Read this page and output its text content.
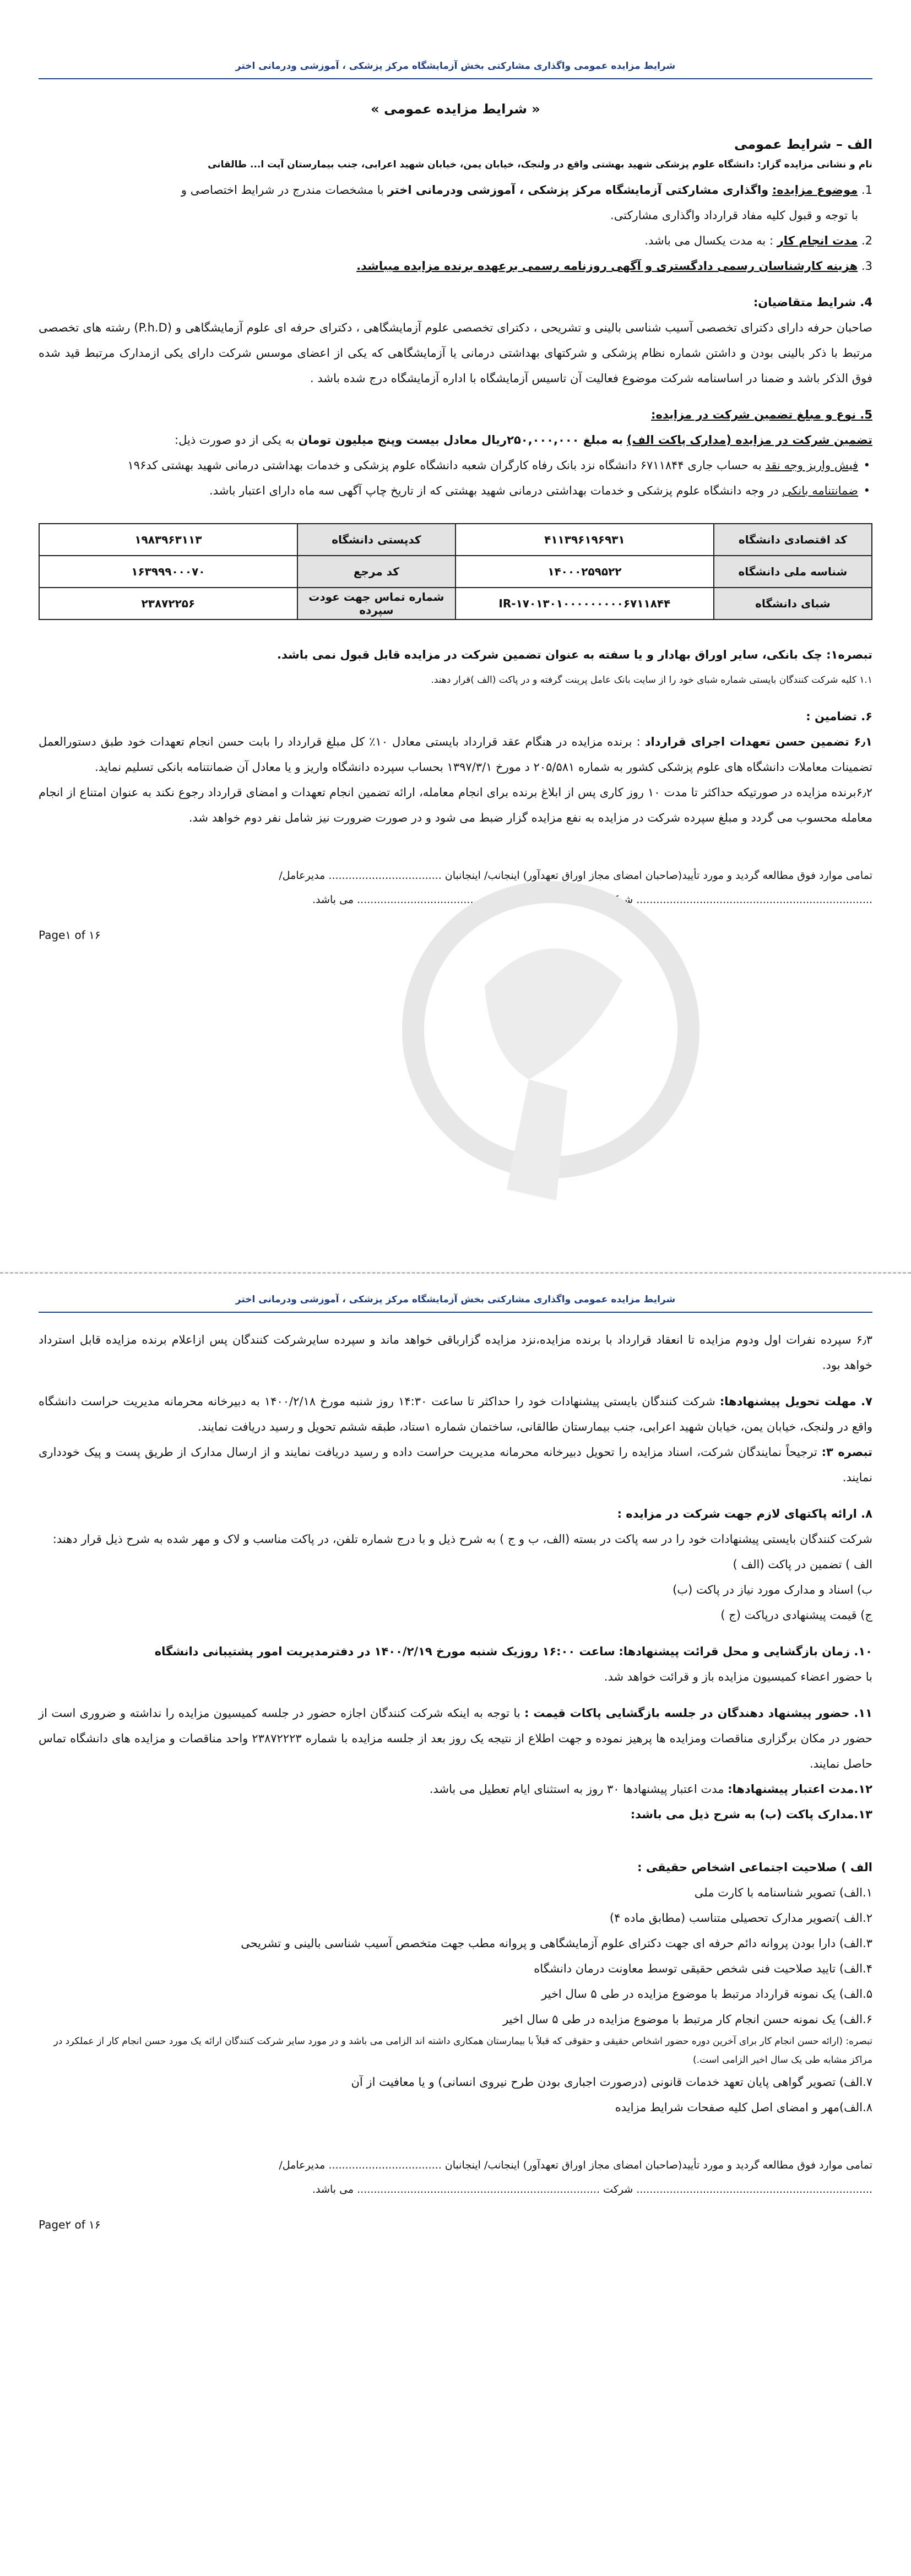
شرایط مزایده عمومی واگذاری مشارکتی بخش آزمایشگاه مرکز پزشکی ، آموزشی ودرمانی اختر
« شرایط مزایده عمومی »
الف – شرایط عمومی

نام و نشانی مزایده گزار: دانشگاه علوم پزشکی شهید بهشتی واقع در ولنجک، خیابان یمن، خیابان شهید اعرابی، جنب بیمارستان آیت ا... طالقانی

1. موضوع مزایده: واگذاری مشارکتی آزمایشگاه مرکز پزشکی ، آموزشی ودرمانی اختر با مشخصات مندرج در شرایط اختصاصی و

با توجه و قبول کلیه مفاد قرارداد واگذاری مشارکتی.

2. مدت انجام کار : به مدت یکسال می باشد.

3. هزینه کارشناسان رسمی دادگستری و آگهی روزنامه رسمی برعهده برنده مزایده میباشد.

4. شرایط متقاضیان:

صاحبان حرفه دارای دکترای تخصصی آسیب شناسی بالینی و تشریحی ، دکترای تخصصی علوم آزمایشگاهی ، دکترای حرفه ای علوم آزمایشگاهی و (P.h.D) رشته های تخصصی مرتبط با ذکر بالینی بودن و داشتن شماره نظام پزشکی و شرکتهای بهداشتی درمانی یا آزمایشگاهی که یکی از اعضای موسس شرکت دارای یکی ازمدارک مرتبط قید شده فوق الذکر باشد و ضمنا در اساسنامه شرکت موضوع فعالیت آن تاسیس آزمایشگاه با اداره آزمایشگاه درج شده باشد .

5. نوع و مبلغ تضمین شرکت در مزایده:

تضمین شرکت در مزایده (مدارک پاکت الف) به مبلغ ۲۵۰,۰۰۰,۰۰۰ریال معادل بیست وپنج میلیون تومان به یکی از دو صورت ذیل:

• فیش واریز وجه نقد به حساب جاری ۶۷۱۱۸۴۴ دانشگاه نزد بانک رفاه کارگران شعبه دانشگاه علوم پزشکی و خدمات بهداشتی درمانی شهید بهشتی کد۱۹۶
• ضمانتنامه بانکی در وجه دانشگاه علوم پزشکی و خدمات بهداشتی درمانی شهید بهشتی که از تاریخ چاپ آگهی سه ماه دارای اعتبار باشد.
کد اقتصادی دانشگاه	۴۱۱۳۹۶۱۹۶۹۳۱	کدپستی دانشگاه	۱۹۸۳۹۶۳۱۱۳
شناسه ملی دانشگاه	۱۴۰۰۰۲۵۹۵۲۲	کد مرجع	۱۶۳۹۹۹۰۰۰۷۰
شبای دانشگاه	IR-۱۷۰۱۳۰۱۰۰۰۰۰۰۰۰۰۶۷۱۱۸۴۴	شماره تماس جهت عودت سپرده	۲۳۸۷۲۲۵۶

تبصره۱: چک بانکی، سایر اوراق بهادار و یا سفته به عنوان تضمین شرکت در مزایده قابل قبول نمی باشد.

۱.۱ کلیه شرکت کنندگان بایستی شماره شبای خود را از سایت بانک عامل پرینت گرفته و در پاکت (الف )قرار دهند.

۶. تضامین :

۶٫۱ تضمین حسن تعهدات اجرای قرارداد : برنده مزایده در هنگام عقد قرارداد بایستی معادل ۱۰٪ کل مبلغ قرارداد را بابت حسن انجام تعهدات خود طبق دستورالعمل تضمینات معاملات دانشگاه های علوم پزشکی کشور به شماره ۲۰۵/۵۸۱ د مورخ ۱۳۹۷/۳/۱ بحساب سپرده دانشگاه واریز و یا معادل آن ضمانتنامه بانکی تسلیم نماید.

۶٫۲برنده مزایده در صورتیکه حداکثر تا مدت ۱۰ روز کاری پس از ابلاغ برنده برای انجام معامله، ارائه تضمین انجام تعهدات و امضای قرارداد رجوع نکند به عنوان امتناع از انجام معامله محسوب می گردد و مبلغ سپرده شرکت در مزایده به نفع مزایده گزار ضبط می شود و در صورت ضرورت نیز شامل نفر دوم خواهد شد.

تمامی موارد فوق مطالعه گردید و مورد تأیید(صاحبان امضای مجاز اوراق تعهدآور) اینجانب/ اینجانبان .................................. مدیرعامل/
....................................................................... شرکت ......................................................................... می باشد.
Page۱ of ۱۶
شرایط مزایده عمومی واگذاری مشارکتی بخش آزمایشگاه مرکز پزشکی ، آموزشی ودرمانی اختر

۶٫۳ سپرده نفرات اول ودوم مزایده تا انعقاد قرارداد با برنده مزایده،نزد مزایده گزارباقی خواهد ماند و سپرده سایرشرکت کنندگان پس ازاعلام برنده مزایده قابل استرداد خواهد بود.

۷. مهلت تحویل پیشنهادها: شرکت کنندگان بایستی پیشنهادات خود را حداکثر تا ساعت ۱۴:۳۰ روز شنبه مورخ ۱۴۰۰/۲/۱۸ به دبیرخانه محرمانه مدیریت حراست دانشگاه واقع در ولنجک، خیابان یمن، خیابان شهید اعرابی، جنب بیمارستان طالقانی، ساختمان شماره ۱ستاد، طبقه ششم تحویل و رسید دریافت نمایند.

تبصره ۳: ترجیحاً نمایندگان شرکت، اسناد مزایده را تحویل دبیرخانه محرمانه مدیریت حراست داده و رسید دریافت نمایند و از ارسال مدارک از طریق پست و پیک خودداری نمایند.

۸. ارائه پاکتهای لازم جهت شرکت در مزایده :

شرکت کنندگان بایستی پیشنهادات خود را در سه پاکت در بسته (الف، ب و ج ) به شرح ذیل و با درج شماره تلفن، در پاکت مناسب و لاک و مهر شده به شرح ذیل قرار دهند:

الف ) تضمین در پاکت (الف )

ب) اسناد و مدارک مورد نیاز در پاکت (ب)

ج) قیمت پیشنهادی درپاکت (ج )

۱۰. زمان بازگشایی و محل قرائت پیشنهادها: ساعت ۱۶:۰۰ روزیک شنبه مورخ ۱۴۰۰/۲/۱۹ در دفترمدیریت امور پشتیبانی دانشگاه

با حضور اعضاء کمیسیون مزایده باز و قرائت خواهد شد.

۱۱. حضور پیشنهاد دهندگان در جلسه بازگشایی پاکات قیمت : با توجه به اینکه شرکت کنندگان اجازه حضور در جلسه کمیسیون مزایده را نداشته و ضروری است از حضور در مکان برگزاری مناقصات ومزایده ها پرهیز نموده و جهت اطلاع از نتیجه یک روز بعد از جلسه مزایده با شماره ۲۳۸۷۲۲۲۳ واحد مناقصات و مزایده های دانشگاه تماس حاصل نمایند.

۱۲.مدت اعتبار پیشنهادها: مدت اعتبار پیشنهادها ۳۰ روز به استثنای ایام تعطیل می باشد.

۱۳.مدارک پاکت (ب) به شرح ذیل می باشد:

الف ) صلاحیت اجتماعی اشخاص حقیقی :

۱.الف) تصویر شناسنامه با کارت ملی

۲.الف )تصویر مدارک تحصیلی متناسب (مطابق ماده ۴)

۳.الف) دارا بودن پروانه دائم حرفه ای جهت دکترای علوم آزمایشگاهی و پروانه مطب جهت متخصص آسیب شناسی بالینی و تشریحی

۴.الف) تایید صلاحیت فنی شخص حقیقی توسط معاونت درمان دانشگاه

۵.الف) یک نمونه قرارداد مرتبط با موضوع مزایده در طی ۵ سال اخیر

۶.الف) یک نمونه حسن انجام کار مرتبط با موضوع مزایده در طی ۵ سال اخیر

تبصره: (ارائه حسن انجام کار برای آخرین دوره حضور اشخاص حقیقی و حقوقی که قبلاً با بیمارستان همکاری داشته اند الزامی می باشد و در مورد سایر شرکت کنندگان ارائه یک مورد حسن انجام کار از عملکرد در مراکز مشابه طی یک سال اخیر الزامی است.)

۷.الف) تصویر گواهی پایان تعهد خدمات قانونی (درصورت اجباری بودن طرح نیروی انسانی) و یا معافیت از آن

۸.الف)مهر و امضای اصل کلیه صفحات شرایط مزایده

تمامی موارد فوق مطالعه گردید و مورد تأیید(صاحبان امضای مجاز اوراق تعهدآور) اینجانب/ اینجانبان .................................. مدیرعامل/
....................................................................... شرکت ......................................................................... می باشد.
Page۲ of ۱۶
